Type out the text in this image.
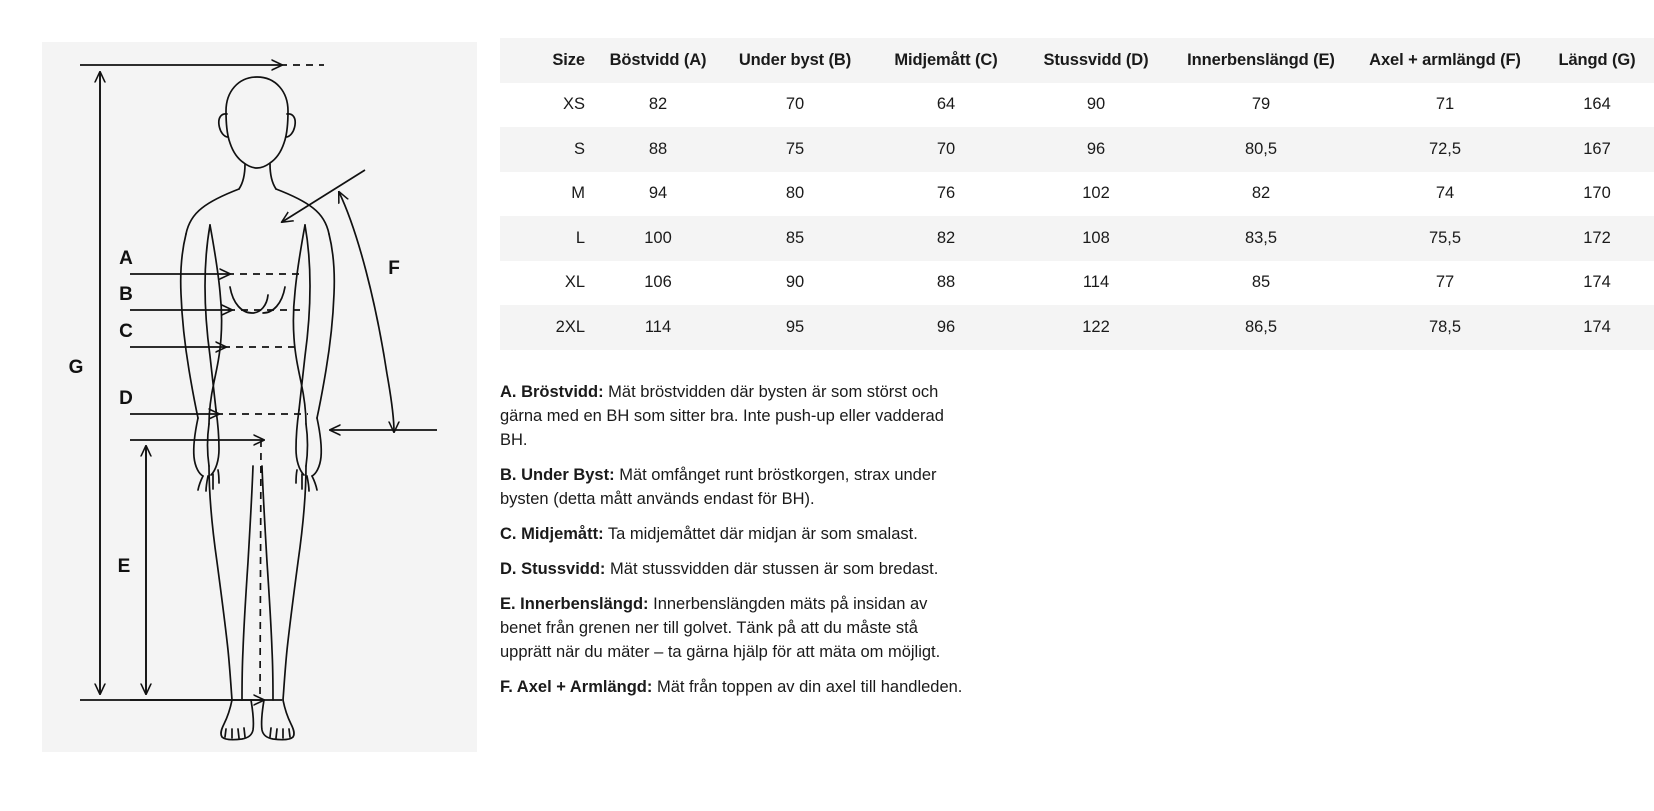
G
E
A
B
C
D
F
Size	Böstvidd (A)	Under byst (B)	Midjemått (C)	Stussvidd (D)	Innerbenslängd (E)	Axel + armlängd (F)	Längd (G)
XS	82	70	64	90	79	71	164
S	88	75	70	96	80,5	72,5	167
M	94	80	76	102	82	74	170
L	100	85	82	108	83,5	75,5	172
XL	106	90	88	114	85	77	174
2XL	114	95	96	122	86,5	78,5	174

A. Bröstvidd: Mät bröstvidden där bysten är som störst och gärna med en BH som sitter bra. Inte push-up eller vadderad BH.

B. Under Byst: Mät omfånget runt bröstkorgen, strax under bysten (detta mått används endast för BH).

C. Midjemått: Ta midjemåttet där midjan är som smalast.

D. Stussvidd: Mät stussvidden där stussen är som bredast.

E. Innerbenslängd: Innerbenslängden mäts på insidan av benet från grenen ner till golvet. Tänk på att du måste stå upprätt när du mäter – ta gärna hjälp för att mäta om möjligt.

F. Axel + Armlängd: Mät från toppen av din axel till handleden.
